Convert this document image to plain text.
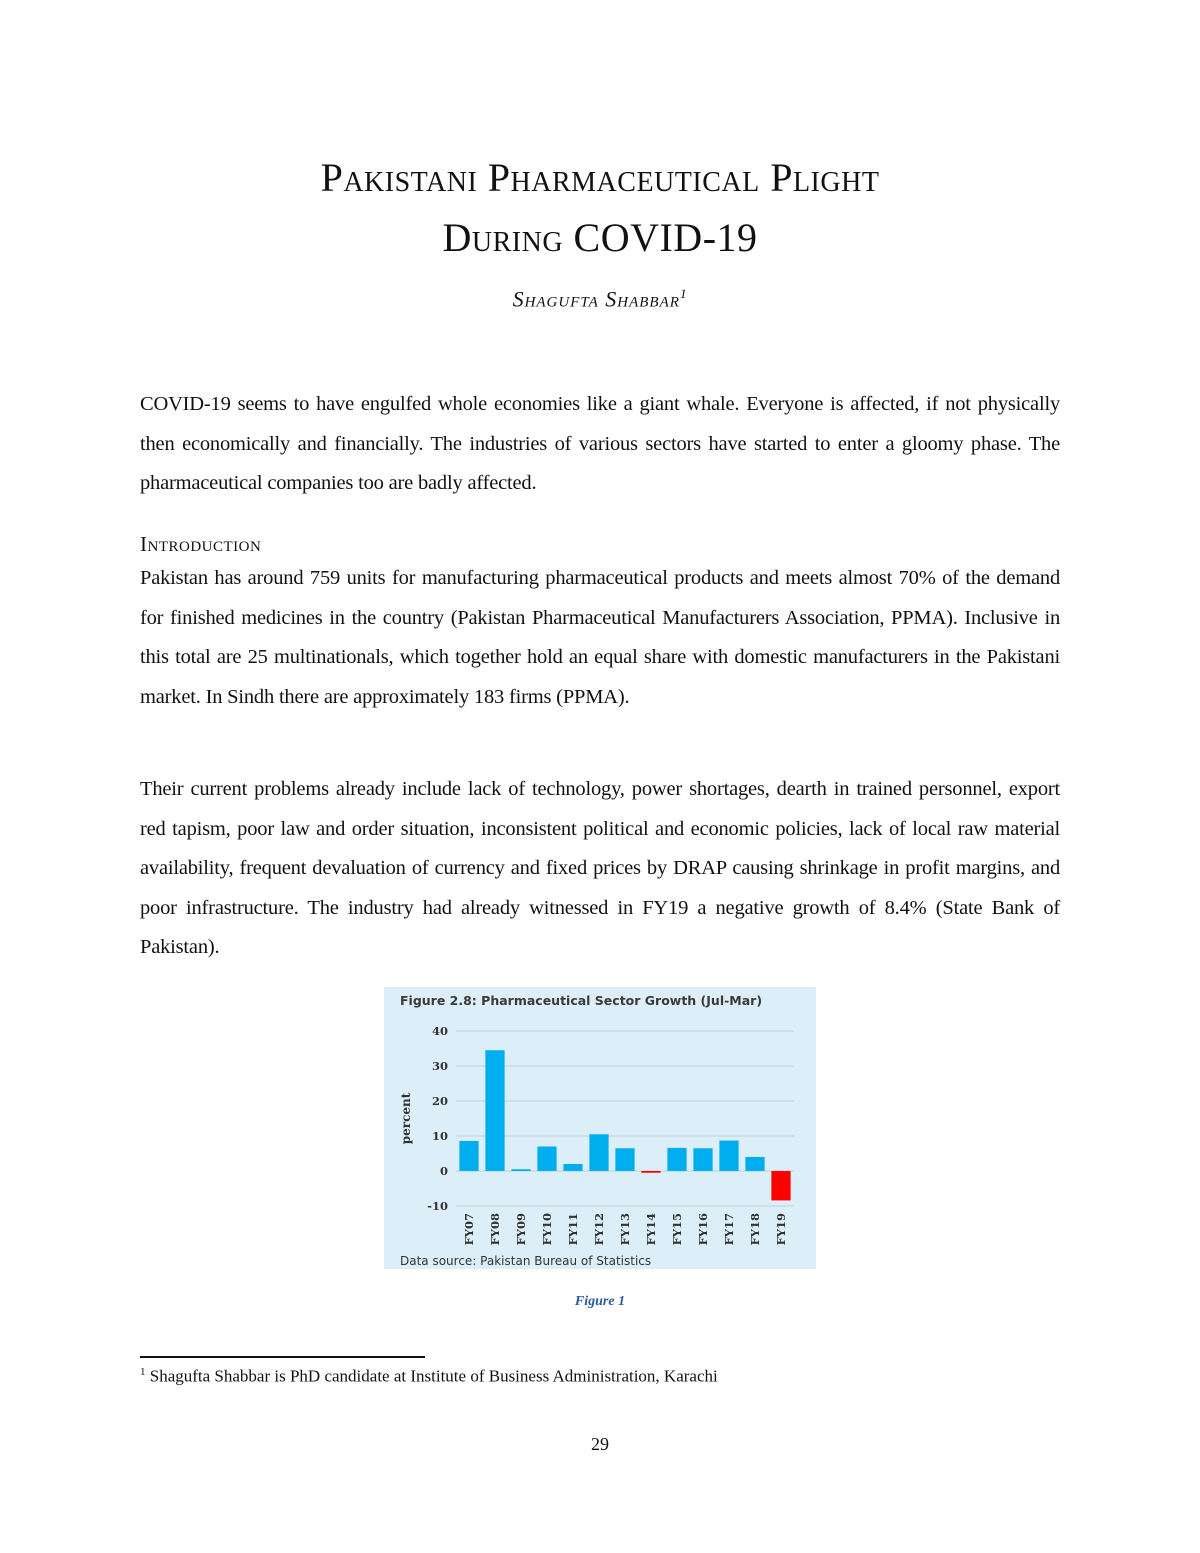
Pakistani Pharmaceutical Plight
During COVID-19
Shagufta Shabbar$^1$

COVID-19 seems to have engulfed whole economies like a giant whale. Everyone is affected, if not physically then economically and financially. The industries of various sectors have started to enter a gloomy phase. The pharmaceutical companies too are badly affected.

Introduction

Pakistan has around 759 units for manufacturing pharmaceutical products and meets almost 70% of the demand for finished medicines in the country (Pakistan Pharmaceutical Manufacturers Association, PPMA). Inclusive in this total are 25 multinationals, which together hold an equal share with domestic manufacturers in the Pakistani market. In Sindh there are approximately 183 firms (PPMA).

Their current problems already include lack of technology, power shortages, dearth in trained personnel, export red tapism, poor law and order situation, inconsistent political and economic policies, lack of local raw material availability, frequent devaluation of currency and fixed prices by DRAP causing shrinkage in profit margins, and poor infrastructure. The industry had already witnessed in FY19 a negative growth of 8.4% (State Bank of Pakistan).

Figure 2.8: Pharmaceutical Sector Growth (Jul-Mar)
-10
0
10
20
30
40
percent
FY07 FY08 FY09 FY10 FY11 FY12 FY13 FY14 FY15 FY16 FY17 FY18 FY19
Data source: Pakistan Bureau of Statistics
Figure 1
$^1$ Shagufta Shabbar is PhD candidate at Institute of Business Administration, Karachi
29
